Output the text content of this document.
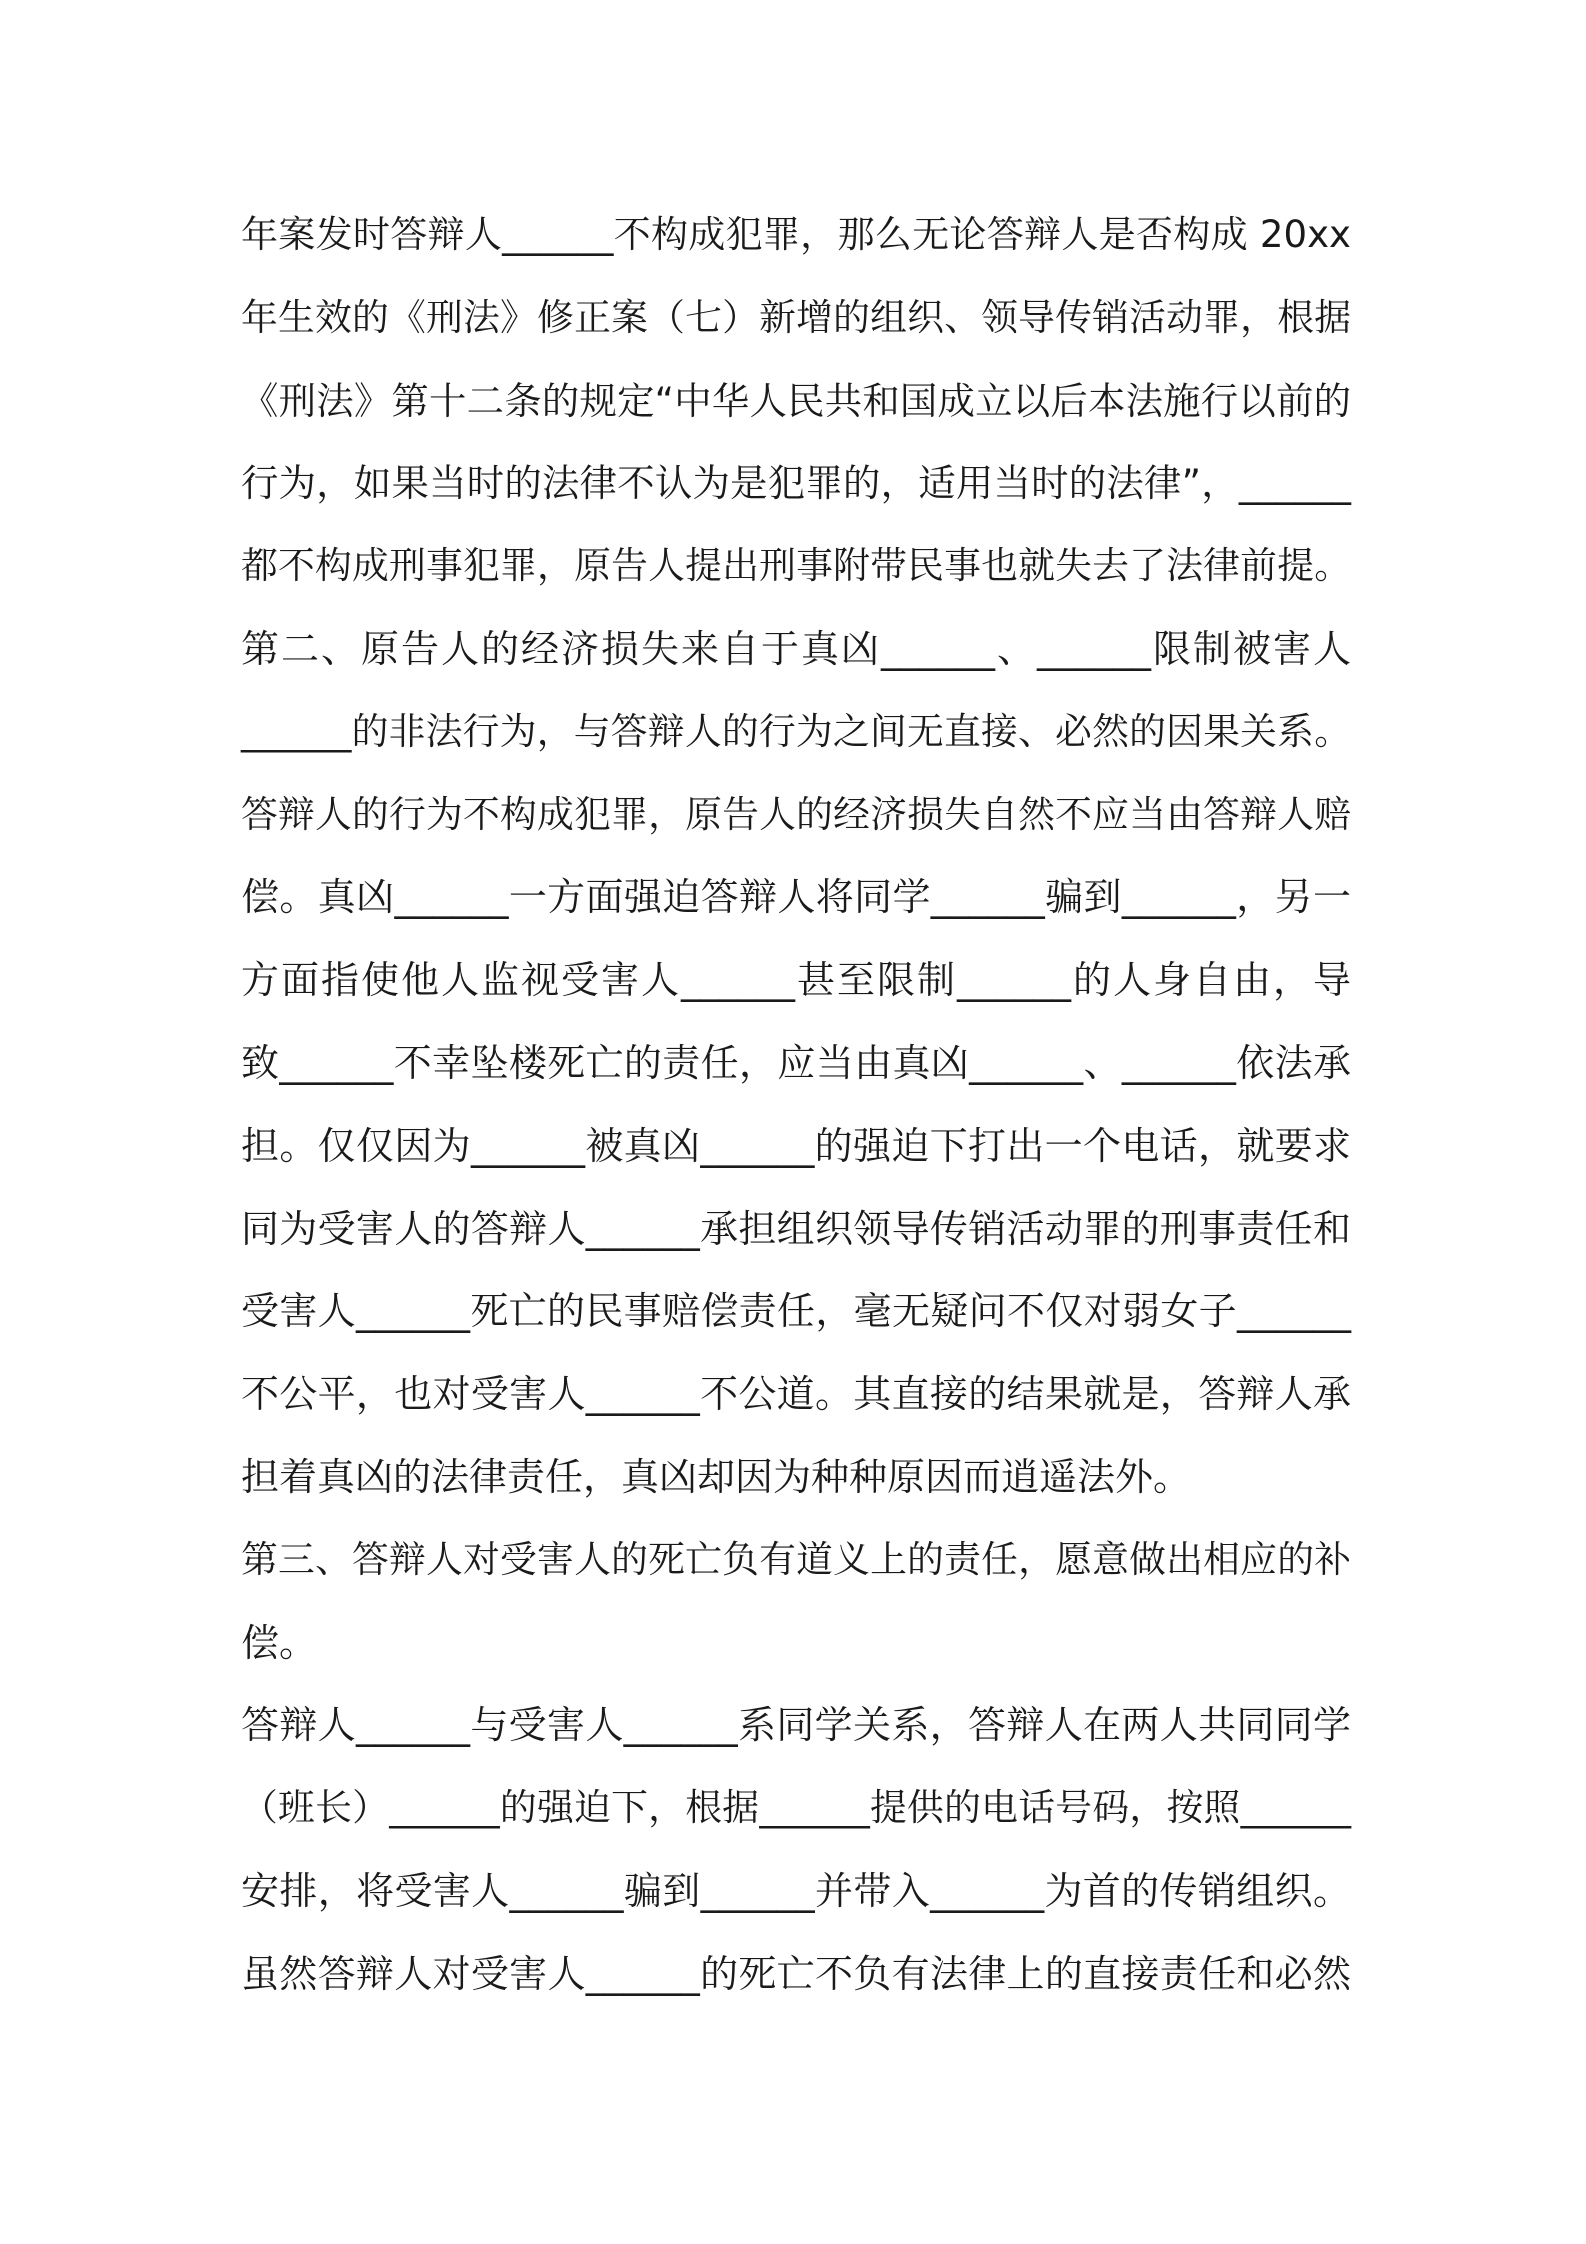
年案发时答辩人______不构成犯罪，那么无论答辩人是否构成 20xx
年生效的《刑法》修正案（七）新增的组织、领导传销活动罪，根据
《刑法》第十二条的规定“中华人民共和国成立以后本法施行以前的
行为，如果当时的法律不认为是犯罪的，适用当时的法律”，______
都不构成刑事犯罪，原告人提出刑事附带民事也就失去了法律前提。
第二、原告人的经济损失来自于真凶______、______限制被害人
______的非法行为，与答辩人的行为之间无直接、必然的因果关系。
答辩人的行为不构成犯罪，原告人的经济损失自然不应当由答辩人赔
偿。真凶______一方面强迫答辩人将同学______骗到______，另一
方面指使他人监视受害人______甚至限制______的人身自由，导
致______不幸坠楼死亡的责任，应当由真凶______、______依法承
担。仅仅因为______被真凶______的强迫下打出一个电话，就要求
同为受害人的答辩人______承担组织领导传销活动罪的刑事责任和
受害人______死亡的民事赔偿责任，毫无疑问不仅对弱女子______
不公平，也对受害人______不公道。其直接的结果就是，答辩人承
担着真凶的法律责任，真凶却因为种种原因而逍遥法外。
第三、答辩人对受害人的死亡负有道义上的责任，愿意做出相应的补
偿。
答辩人______与受害人______系同学关系，答辩人在两人共同同学
（班长）______的强迫下，根据______提供的电话号码，按照______
安排，将受害人______骗到______并带入______为首的传销组织。
虽然答辩人对受害人______的死亡不负有法律上的直接责任和必然
